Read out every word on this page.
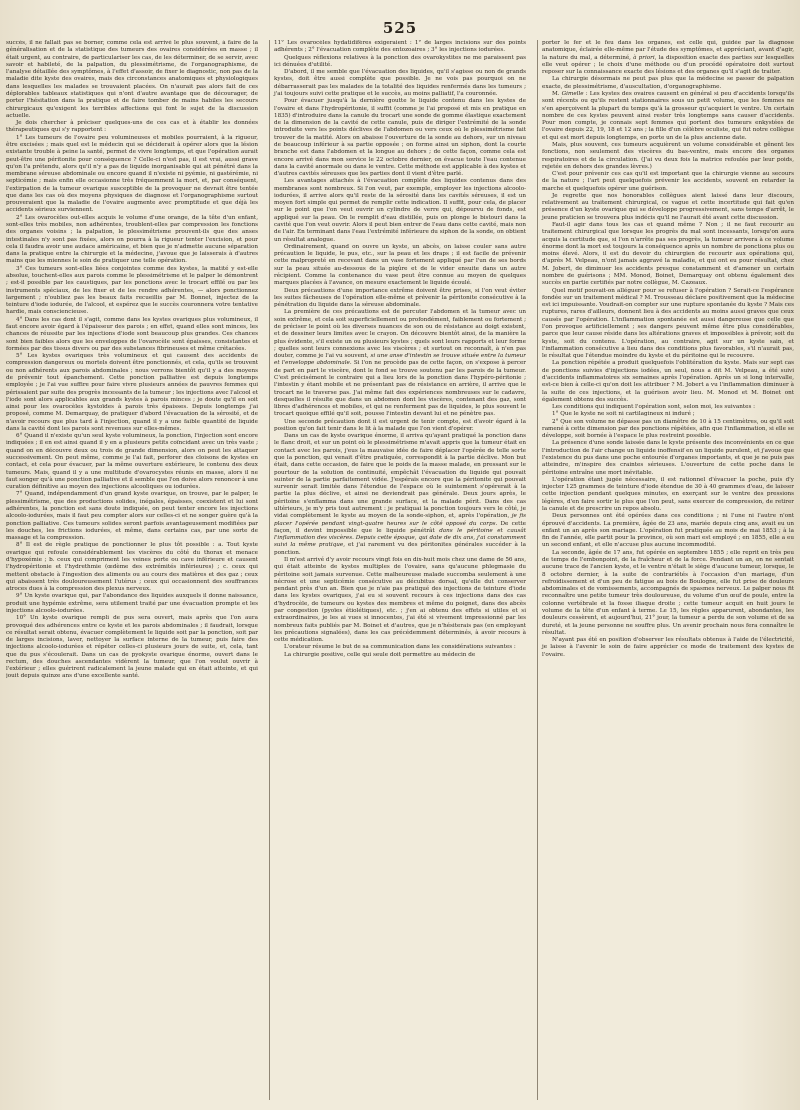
525

succès, il ne fallait pas se borner, comme cela est arrivé le plus souvent, à faire de la généralisation et de la statistique des tumeurs des ovaires considérées en masse ; il était urgent, au contraire, de particulariser les cas, de les déterminer, de se servir, avec savoir et habileté, de la palpation, du plessimétrisme, de l'organographisme, de l'analyse détaillée des symptômes, à l'effet d'assoir, de fixer le diagnostic, non pas de la maladie dite kyste des ovaires, mais des circonstances anatomiques et physiologiques dans lesquelles les malades se trouvaient placées. On n'aurait pas alors fait de ces déplorables tableaux statistiques qui n'ont d'autre avantage que de décourager, de porter l'hésitation dans la pratique et de faire tomber de mains habiles les secours chirurgicaux qu'exigent les terribles affections qui font le sujet de la discussion actuelle.

Je dois chercher à préciser quelques-uns de ces cas et à établir les données thérapeutiques qui s'y rapportent :

1° Les tumeurs de l'ovaire peu volumineuses et mobiles pourraient, à la rigueur, être excisées ; mais quel est le médecin qui se déciderait à opérer alors que la lésion existante trouble à peine la santé, permet de vivre longtemps, et que l'opération aurait peut-être une péritonite pour conséquence ? Celle-ci n'est pas, il est vrai, aussi grave qu'on l'a prétendu, alors qu'il n'y a pas de liquide inorganisable qui ait pénétré dans la membrane séreuse abdominale ou encore quand il n'existe ni pyémie, ni gastérémie, ni septicémie ; mais enfin elle occasionne très fréquemment la mort, et, par conséquent, l'extirpation de la tumeur ovarique susceptible de la provoquer ne devrait être tentée que dans les cas où des moyens physiques de diagnose et l'organographisme surtout prouveraient que la maladie de l'ovaire augmente avec promptitude et que déjà les accidents sérieux surviennent.

2° Les ovarocèles out-elles acquis le volume d'une orange, de la tête d'un enfant, sont-elles très mobiles, non adhérentes, troublent-elles par compression les fonctions des organes voisins ; la palpation, le plessimétrisme prouvent-ils que des anses intestinales n'y sont pas fixées, alors on pourra à la rigueur tenter l'excision, et pour cela il faudra avoir une audace américaine, et bien que je n'admette aucune séparation dans la pratique entre la chirurgie et la médecine, j'avoue que je laisserais à d'autres mains que les miennes le soin de pratiquer une telle opération.

3° Ces tumeurs sont-elles liées conjointes comme des kystes, la matité y est-elle absolue, touchent-elles aux parois comme le plessimétrisme et le palper le démontrent ; est-il possible par les caustiques, par les ponctions avec le trocart effilé ou par les instruments spéciaux, de les fixer et de les rendre adhérentes, — alors ponctionnez largement ; n'oubliez pas les beaux faits recueillis par M. Bonnet, injectez de la teinture d'iode iodurée, de l'alcool, et espérez que le succès couronnera votre tentative hardie, mais consciencieuse.

4° Dans les cas dont il s'agit, comme dans les kystes ovariques plus volumineux, il faut encore avoir égard à l'épaisseur des parois ; en effet, quand elles sont minces, les chances de réussite par les injections d'iode sont beaucoup plus grandes. Ces chances sont bien faibles alors que les enveloppes de l'ovarocèle sont épaisses, consistantes et formées par des tissus divers ou par des substances fibrineuses et même crétacées.

5° Les kystes ovariques très volumineux et qui causent des accidents de compression dangereux ou mortels doivent être ponctionnés, et cela, qu'ils se trouvent ou non adhérents aux parois abdominales ; nous verrons bientôt qu'il y a des moyens de prévenir tout épanchement. Cette ponction palliative est depuis longtemps employée ; je l'ai vue suffire pour faire vivre plusieurs années de pauvres femmes qui périssaient par suite des progrès incessants de la tumeur ; les injections avec l'alcool et l'iode sont alors applicables aux grands kystes à parois minces ; je doute qu'il en soit ainsi pour les ovarocèles kystoïdes à parois très épaisses. Depuis longtemps j'ai proposé, comme M. Demarquay, de pratiquer d'abord l'évacuation de la sérosité, et de n'avoir recours que plus tard à l'injection, quand il y a une faible quantité de liquide dans la cavité dont les parois sont revenues sur elles-mêmes.

6° Quand il n'existe qu'un seul kyste volumineux, la ponction, l'injection sont encore indiquées ; il en est ainsi quand il y en a plusieurs petits coïncidant avec un très vaste ; quand on en découvre deux ou trois de grande dimension, alors on peut les attaquer successivement. On peut même, comme je l'ai fait, perforer des cloisons de kystes en contact, et cela pour évacuer, par la même ouverture extérieure, le contenu des deux tumeurs. Mais, quand il y a une multitude d'ovarocystes réunis en masse, alors il ne faut songer qu'à une ponction palliative et il semble que l'on doive alors renoncer à une curation définitive au moyen des injections alcooliques ou iodurées.

7° Quand, indépendamment d'un grand kyste ovarique, on trouve, par le palper, le plessimétrisme, que des productions solides, inégales, épaisses, coexistent et lui sont adhérentes, la ponction est sans doute indiquée, on peut tenter encore les injections alcoolo-iodurées, mais il faut peu compter alors sur celles-ci et ne songer guère qu'à la ponction palliative. Ces tumeurs solides seront parfois avantageusement modifiées par les douches, les frictions iodurées, et même, dans certains cas, par une sorte de massage et la compression.

8° Il est de règle pratique de ponctionner le plus tôt possible : a. Tout kyste ovarique qui refoule considérablement les viscères du côté du thorax et menace d'hypoxémie ; b. ceux qui compriment les veines porte ou cave inférieure et causent l'hydropéritonie et l'hydrethmie (œdème des extrémités inférieures) ; c. ceux qui mettent obstacle à l'ingestion des aliments ou au cours des matières et des gaz ; ceux qui abaissent très douloureusement l'utérus ; ceux qui occasionnent des souffrances atroces dues à la compression des plexus nerveux.

9° Un kyste ovarique qui, par l'abondance des liquides auxquels il donne naissance, produit une hypémie extrême, sera utilement traité par une évacuation prompte et les injections alcoolo-iodurées.

10° Un kyste ovarique rempli de pus sera ouvert, mais après que l'on aura provoqué des adhérences entre ce kyste et les parois abdominales ; il faudrait, lorsque ce résultat serait obtenu, évacuer complètement le liquide soit par la ponction, soit par de larges incisions, laver, nettoyer la surface interne de la tumeur, puis faire des injections alcoolo-iodurées et répéter celles-ci plusieurs jours de suite, et, cela, tant que du pus s'écoulerait. Dans un cas de pyokyste ovarique énorme, ouvert dans le rectum, des douches ascendantes vidèrent la tumeur, que l'on voulut ouvrir à l'extérieur ; elles guérirent radicalement la jeune malade qui en était atteinte, et qui jouit depuis quinze ans d'une excellente santé.

11° Les ovarocèles hydatidifères exigeraient : 1° de larges incisions sur des points adhérents ; 2° l'évacuation complète des entozoaires ; 3° les injections iodurées.

Quelques réflexions relatives à la ponction des ovarokystites ne me paraissent pas ici dénuées d'utilité.

D'abord, il me semble que l'évacuation des liquides, qu'il s'agisse ou non de grands kystes, doit être aussi complète que possible. Je ne vois pas pourquoi on ne débarrasserait pas les malades de la totalité des liquides renfermés dans les tumeurs ; j'ai toujours suivi cette pratique et le succès, au moins palliatif, l'a couronnée.

Pour évacuer jusqu'à la dernière goutte le liquide contenu dans les kystes de l'ovaire et dans l'hydropéritonie, il suffit (comme je l'ai proposé et mis en pratique en 1835) d'introduire dans la canule du trocart une sonde de gomme élastique exactement de la dimension de la cavité de cette canule, puis de diriger l'extrémité de la sonde introduite vers les points déclives de l'abdomen ou vers ceux où le plessimétrisme fait trouver de la matité. Alors on abaisse l'ouverture de la sonde au dehors, sur un niveau de beaucoup inférieur à sa partie opposée ; on forme ainsi un siphon, dont la courte branche est dans l'abdomen et la longue au dehors ; de cette façon, comme cela est encore arrivé dans mon service le 22 octobre dernier, on évacue toute l'eau contenue dans la cavité anormale ou dans le ventre. Cette méthode est applicable à des kystes et d'autres cavités séreuses que les parties dont il vient d'être parlé.

Les avantages attachés à l'évacuation complète des liquides contenus dans des membranes sont nombreux. Si l'on veut, par exemple, employer les injections alcoolo-iodurées, il arrive alors qu'il reste de la sérosité dans les cavités séreuses, il est un moyen fort simple qui permet de remplir cette indication. Il suffit, pour cela, de placer sur le point que l'on veut ouvrir un cylindre de verre qui, dépourvu de fonds, est appliqué sur la peau. On le remplit d'eau distillée, puis on plonge le bistouri dans la cavité que l'on veut ouvrir. Alors il peut bien entrer de l'eau dans cette cavité, mais non de l'air. En terminant dans l'eau l'extrémité inférieure du siphon de la sonde, on obtient un résultat analogue.

Ordinairement, quand on ouvre un kyste, un abcès, on laisse couler sans autre précaution le liquide, le pus, etc., sur la peau et les draps ; il est facile de prévenir cette malpropreté en recevant dans un vase fortement appliqué par l'un de ses bords sur la peau située au-dessous de la piqûre et de le vider ensuite dans un autre récipient. Comme la contenance du vase peut être connue au moyen de quelques marques placées à l'avance, on mesure exactement le liquide écoulé.

Deux précautions d'une importance extrême doivent être prises, si l'on veut éviter les suites fâcheuses de l'opération elle-même et prévenir la péritonite consécutive à la pénétration du liquide dans la séreuse abdominale.

La première de ces précautions est de percuter l'abdomen et la tumeur avec un soin extrême, et cela soit superficiellement ou profondément, faiblement ou fortement ; de préciser le point où les diverses nuances de son ou de résistance au doigt existent, et de dessiner leurs limites avec le crayon. On découvre bientôt ainsi, de la manière la plus évidente, s'il existe un ou plusieurs kystes ; quels sont leurs rapports et leur forme ; quelles sont leurs connexions avec les viscères ; et surtout on reconnaît, à n'en pas douter, comme je l'ai vu souvent, si une anse d'intestin se trouve située entre la tumeur et l'enveloppe abdominale. Si l'on ne procède pas de cette façon, on s'expose à percer de part en part le viscère, dont le fond se trouve soutenu par les parois de la tumeur. C'est précisément le contraire qui a lieu lors de la ponction dans l'hypéro-péritonie ; l'intestin y étant mobile et ne présentant pas de résistance en arrière, il arrive que le trocart ne le traverse pas. J'ai même fait des expériences nombreuses sur le cadavre, desquelles il résulte que dans un abdomen dont les viscères, contenant des gaz, sont libres d'adhérences et mobiles, et qui ne renferment pas de liquides, le plus souvent le trocart quoique effilé qu'il soit, pousse l'intestin devant lui et ne pénètre pas.

Une seconde précaution dont il est urgent de tenir compte, est d'avoir égard à la position qu'on fait tenir dans le lit à la malade que l'on vient d'opérer.

Dans un cas de kyste ovarique énorme, il arriva qu'ayant pratiqué la ponction dans le flanc droit, et sur un point où le plessimétrisme m'avait appris que la tumeur était en contact avec les parois, j'eus la mauvaise idée de faire déplacer l'opérée de telle sorte que la ponction, qui venait d'être pratiquée, correspondit à la partie déclive. Mon but était, dans cette occasion, de faire que le poids de la masse malade, en pressant sur le pourtour de la solution de continuité, empêchât l'évacuation du liquide qui pouvait suinter de la partie parfaitement vidée. J'espérais encore que la péritonite qui pouvait survenir serait limitée dans l'étendue de l'espace où le suintement s'opérerait à la partie la plus déclive, et ainsi ne deviendrait pas générale. Deux jours après, le péritoine s'enflamma dans une grande surface, et la malade périt. Dans des cas ultérieurs, je m'y pris tout autrement : je pratiquai la ponction toujours vers le côté, je vidai complètement le kyste au moyen de la sonde-siphon, et, après l'opération, je fis placer l'opérée pendant vingt-quatre heures sur le côté opposé du corps. De cette façon, il devint impossible que le liquide pénétrât dans le péritoine et causât l'inflammation des viscères. Depuis cette époque, qui date de dix ans, j'ai constamment suivi la même pratique, et j'ai rarement vu des péritonites générales succéder à la ponction.

Il m'est arrivé d'y avoir recours vingt fois en dix-huit mois chez une dame de 56 ans, qui était atteinte de kystes multiples de l'ovaire, sans qu'aucune phlegmasie du péritoine soit jamais survenue. Cette malheureuse malade succomba seulement à une nécrose et une septicémie consécutive au décubitus dorsal, qu'elle dut conserver pendant près d'un an. Bien que je n'aie pas pratiqué des injections de teinture d'iode dans les kystes ovariques, j'ai eu si souvent recours à ces injections dans des cas d'hydrocèle, de tumeurs ou kystes des membres et même du poignet, dans des abcès par congestion (pyoïes étiolétiques), etc. ; j'en ai obtenu des effets si utiles et si extraordinaires, je les ai vues si innocentes, j'ai été si vivement impressionné par les nombreux faits publiés par M. Boinet et d'autres, que je n'hésiterais pas (en employant les précautions signalées), dans les cas précédemment déterminés, à avoir recours à cette médication.

L'orateur résume le but de sa communication dans les considérations suivantes :

La chirurgie positive, celle qui seule doit permettre au médecin de

porter le fer et le feu dans les organes, est celle qui, guidée par la diagnose anatomique, éclairée elle-même par l'étude des symptômes, et appréciant, avant d'agir, la nature du mal, a déterminé, à priori, la disposition exacte des parties sur lesquelles elle veut opérer ; le choix d'une méthode ou d'un procédé opératoire doit surtout reposer sur la connaissance exacte des lésions et des organes qu'il s'agit de traiter.

La chirurgie désormais ne peut pas plus que la médecine se passer de palpation exacte, de plessimétrisme, d'auscultation, d'organographisme.

M. Gimelle : Les kystes des ovaires causent en général si peu d'accidents lorsqu'ils sont récents ou qu'ils restent stationnaires sous un petit volume, que les femmes ne s'en aperçoivent la plupart du temps qu'à la grosseur qu'acquiert le ventre. Un certain nombre de ces kystes peuvent ainsi rester très longtemps sans causer d'accidents. Pour mon compte, je connais sept femmes qui portent des tumeurs enkystées de l'ovaire depuis 22, 19, 18 et 12 ans ; la fille d'un célèbre oculiste, qui fut notre collègue et qui est mort depuis longtemps, en porte un de la plus ancienne date.

Mais, plus souvent, ces tumeurs acquièrent un volume considérable et gênent les fonctions, non seulement des viscères du bas-ventre, mais encore des organes respiratoires et de la circulation. (J'ai vu deux fois la matrice refoulée par leur poids, rejetée en dehors des grandes lèvres.)

C'est pour prévenir ces cas qu'il est important que la chirurgie vienne au secours de la nature ; l'art peut quelquefois prévenir les accidents, souvent en retarder la marche et quelquefois opérer une guérison.

Je regrette que nos honorables collègues aient laissé dans leur discours, relativement au traitement chirurgical, ce vague et cette incertitude qui fait qu'en présence d'un kyste ovarique qui se développe progressivement, sans temps d'arrêt, le jeune praticien se trouvera plus indécis qu'il ne l'aurait été avant cette discussion.

Faut-il agir dans tous les cas et quand même ? Non ; il ne faut recourir au traitement chirurgical que lorsque les progrès du mal sont incessants, lorsqu'on aura acquis la certitude que, si l'on n'arrête pas ses progrès, la tumeur arrivera à ce volume énorme dont la mort est toujours la conséquence après un nombre de ponctions plus ou moins élevé. Alors, il est du devoir du chirurgien de recourir aux opérations qui, d'après M. Velpeau, n'ont jamais aggravé la maladie, et qui ont eu pour résultat, chez M. Jobert, de diminuer les accidents presque constamment et d'amener un certain nombre de guérisons ; MM. Monod, Boinet, Demarquay ont obtenu également des succès en partie certifiés par notre collègue, M. Cazeaux.

Quel motif pouvait-on alléguer pour se refuser à l'opération ? Serait-ce l'espérance fondée sur un traitement médical ? M. Trousseau déclare positivement que la médecine est ici impuissante. Voudrait-on compter sur une rupture spontanée du kyste ? Mais ces ruptures, rares d'ailleurs, donnent lieu à des accidents au moins aussi graves que ceux causés par l'opération. L'inflammation spontanée est aussi dangereuse que celle que l'on provoque artificiellement ; ses dangers peuvent même être plus considérables, parce que leur cause réside dans les altérations graves et impossibles à prévoir, soit du kyste, soit du contenu. L'opération, au contraire, agit sur un kyste sain, et l'inflammation consécutive a lieu dans des conditions plus favorables, s'il n'aurait pas, le résultat que l'étendue moindre du kyste et du péritoine qui le recouvre.

La ponction répétée a produit quelquefois l'oblitération du kyste. Mais sur sept cas de ponctions suivies d'injections iodées, un seul, nous a dit M. Velpeau, a été suivi d'accidents inflammatoires six semaines après l'opération. Après un si long intervalle, est-ce bien à celle-ci qu'on doit les attribuer ? M. Jobert a vu l'inflammation diminuer à la suite de ces injections, et la guérison avoir lieu. M. Monod et M. Boinet ont également obtenu des succès.

Les conditions qui indiquent l'opération sont, selon moi, les suivantes :

1° Que le kyste ne soit ni cartilagineux ni induré ;

2° Que son volume ne dépasse pas un diamètre de 10 à 15 centimètres, ou qu'il soit ramené à cette dimension par des ponctions répétées, afin que l'inflammation, si elle se développe, soit bornée à l'espace le plus restreint possible.

La présence d'une sonde laissée dans le kyste présente des inconvénients en ce que l'introduction de l'air change un liquide inoffensif en un liquide purulent, et j'avoue que l'existence du pus dans une poche entourée d'organes importants, et que je ne puis pas atteindre, m'inspire des craintes sérieuses. L'ouverture de cette poche dans le péritoine entraîne une mort inévitable.

L'opération étant jugée nécessaire, il est rationnel d'évacuer la poche, puis d'y injecter 125 grammes de teinture d'iode étendue de 30 à 40 grammes d'eau, de laisser cette injection pendant quelques minutes, en exerçant sur le ventre des pressions légères, d'en faire sortir le plus que l'on peut, sans exercer de compression, de retirer la canule et de prescrire un repos absolu.

Deux personnes ont été opérées dans ces conditions ; ni l'une ni l'autre n'ont éprouvé d'accidents. La première, âgée de 23 ans, mariée depuis cinq ans, avait eu un enfant un an après son mariage. L'opération fut pratiquée au mois de mai 1853 ; à la fin de l'année, elle partit pour la province, où son mari est employé ; en 1855, elle a eu un second enfant, et elle n'accuse plus aucune incommodité.

La seconde, âgée de 17 ans, fut opérée en septembre 1855 ; elle reprit en très peu de temps de l'embonpoint, de la fraîcheur et de la force. Pendant un an, on ne sentait aucune trace de l'ancien kyste, et le ventre n'était le siège d'aucune tumeur, lorsque, le 8 octobre dernier, à la suite de contrariétés à l'occasion d'un mariage, d'un refroidissement et d'un peu de fatigue au bois de Boulogne, elle fut prise de douleurs abdominales et de vomissements, accompagnés de spasmes nerveux. Le palper nous fit reconnaître une petite tumeur très douloureuse, du volume d'un œuf de poule, entre la colonne vertébrale et la fosse iliaque droite ; cette tumeur acquit en huit jours le volume de la tête d'un enfant à terme. Le 15, les règles apparurent, abondantes, les douleurs cessèrent, et aujourd'hui, 21° jour, la tumeur a perdu de son volume et de sa dureté, et la jeune personne ne souffre plus. Un avenir prochain nous fera connaître le résultat.

N'ayant pas été en position d'observer les résultats obtenus à l'aide de l'électricité, je laisse à l'avenir le soin de faire apprécier ce mode de traitement des kystes de l'ovaire.
